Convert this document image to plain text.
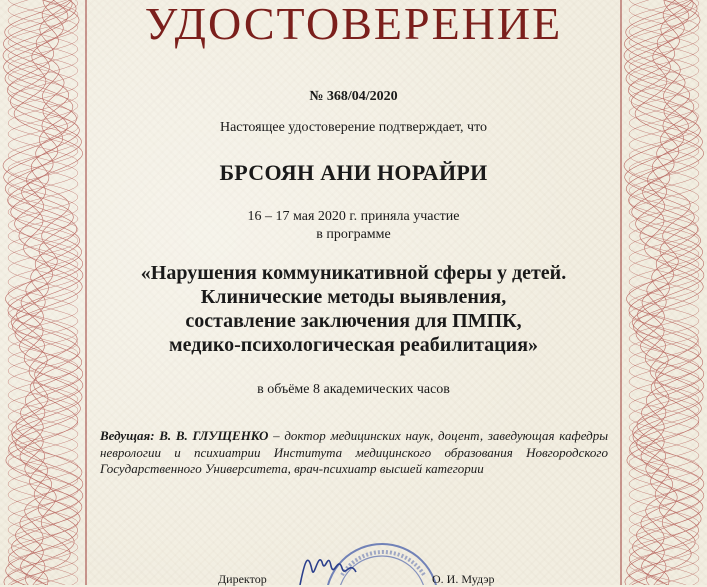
УДОСТОВЕРЕНИЕ
№ 368/04/2020
Настоящее удостоверение подтверждает, что
БРСОЯН АНИ НОРАЙРИ
16 – 17 мая 2020 г. приняла участие
в программе
«Нарушения коммуникативной сферы у детей.
Клинические методы выявления,
составление заключения для ПМПК,
медико-психологическая реабилитация»
в объёме 8 академических часов
Ведущая: В. В. ГЛУЩЕНКО – доктор медицинских наук, доцент, заведующая кафедры неврологии и психиатрии Института медицинского образования Новгородского Государственного Университета, врач-психиатр высшей категории
Директор	О. И. Мудэр
